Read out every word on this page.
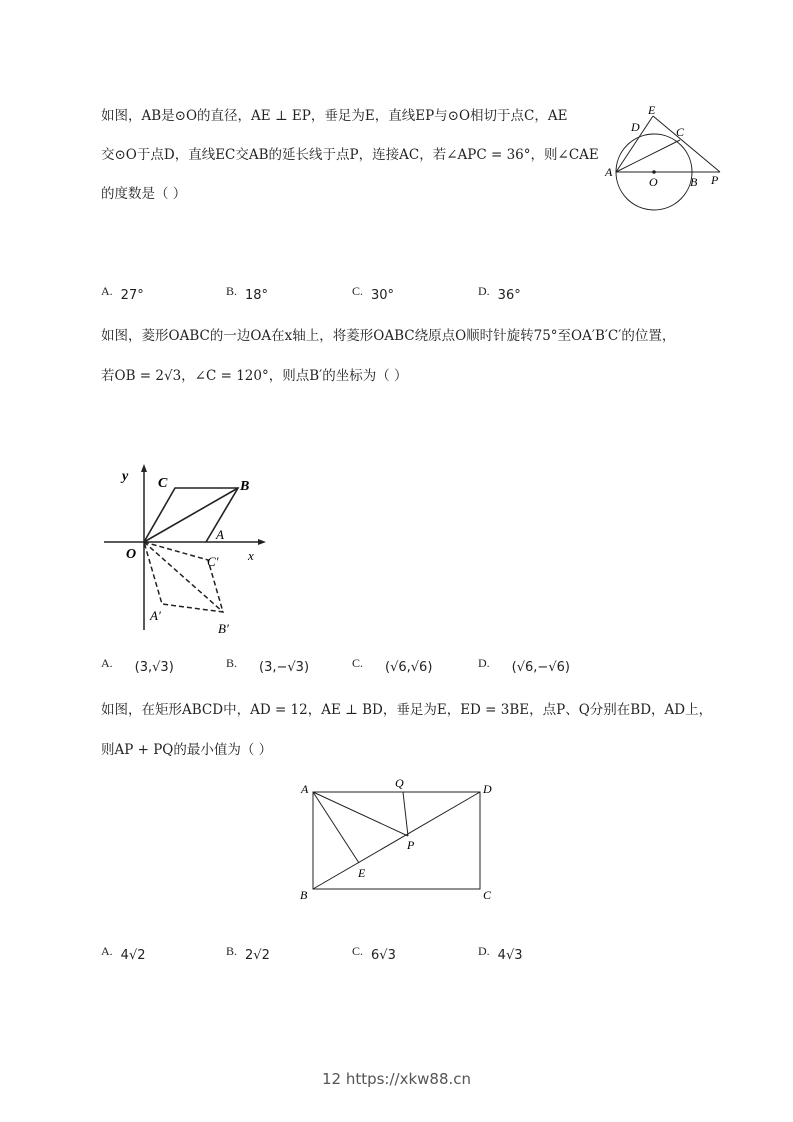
如图，AB是⊙O的直径，AE ⊥ EP，垂足为E，直线EP与⊙O相切于点C，AE
交⊙O于点D，直线EC交AB的延长线于点P，连接AC，若∠APC = 36°，则∠CAE
的度数是（ ）
E
D	C
A
O	B P
A. 27°	B. 18°	C. 30°	D. 36°
如图，菱形OABC的一边OA在x轴上，将菱形OABC绕原点O顺时针旋转75°至OA′B′C′的位置，
若OB = 2√3，∠C = 120°，则点B′的坐标为（ ）
y C	B
A
O	x
C′
A′
B′
A. (3,√3)	B. (3,−√3)	C. (√6,√6)	D. (√6,−√6)
如图，在矩形ABCD中，AD = 12，AE ⊥ BD，垂足为E，ED = 3BE，点P、Q分别在BD，AD上，
则AP + PQ的最小值为（ ）
A	Q	D
P
E
B	C
A. 4√2	B. 2√2	C. 6√3	D. 4√3
12 https://xkw88.cn
